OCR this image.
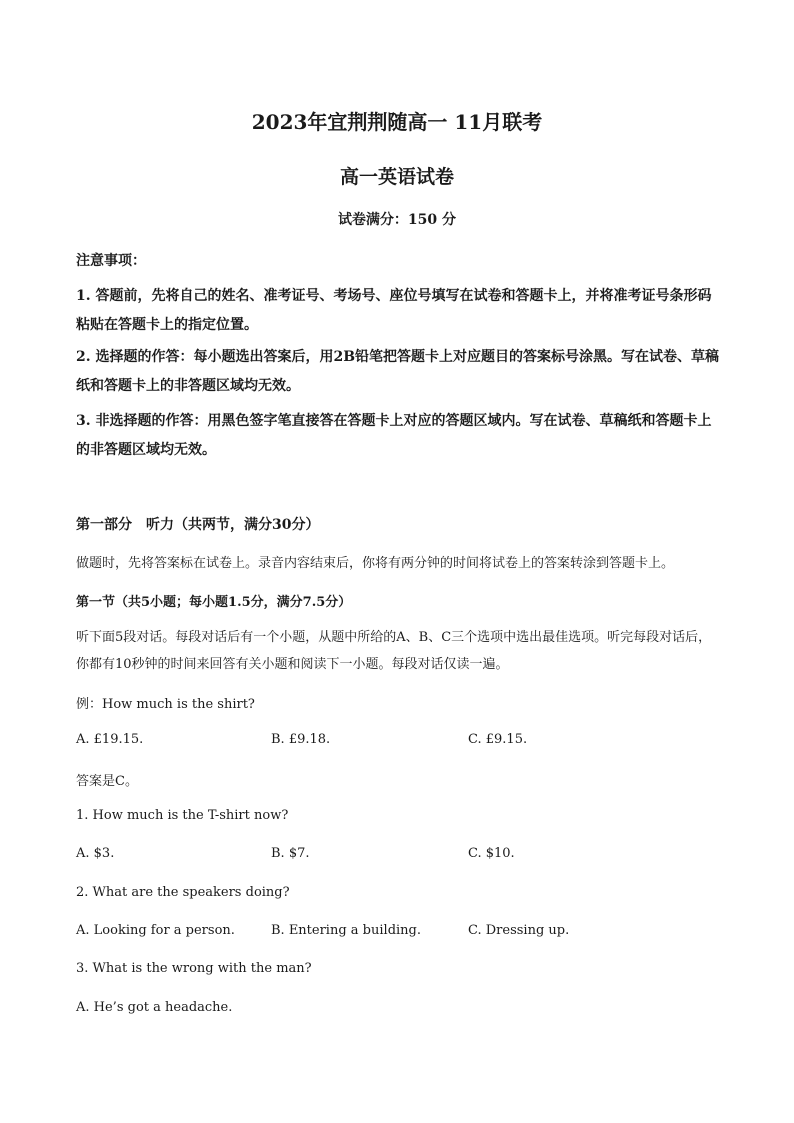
2023年宜荆荆随高一 11月联考
高一英语试卷
试卷满分：150 分
注意事项：
1. 答题前，先将自己的姓名、准考证号、考场号、座位号填写在试卷和答题卡上，并将准考证号条形码粘贴在答题卡上的指定位置。
2. 选择题的作答：每小题选出答案后，用2B铅笔把答题卡上对应题目的答案标号涂黑。写在试卷、草稿纸和答题卡上的非答题区域均无效。
3. 非选择题的作答：用黑色签字笔直接答在答题卡上对应的答题区域内。写在试卷、草稿纸和答题卡上的非答题区域均无效。
第一部分　听力（共两节，满分30分）
做题时，先将答案标在试卷上。录音内容结束后，你将有两分钟的时间将试卷上的答案转涂到答题卡上。
第一节（共5小题；每小题1.5分，满分7.5分）
听下面5段对话。每段对话后有一个小题，从题中所给的A、B、C三个选项中选出最佳选项。听完每段对话后，你都有10秒钟的时间来回答有关小题和阅读下一小题。每段对话仅读一遍。
例：How much is the shirt?
A. £19.15.	B. £9.18.	C. £9.15.
答案是C。
1. How much is the T-shirt now?
A. $3.	B. $7.	C. $10.
2. What are the speakers doing?
A. Looking for a person.	B. Entering a building.	C. Dressing up.
3. What is the wrong with the man?
A. He’s got a headache.
